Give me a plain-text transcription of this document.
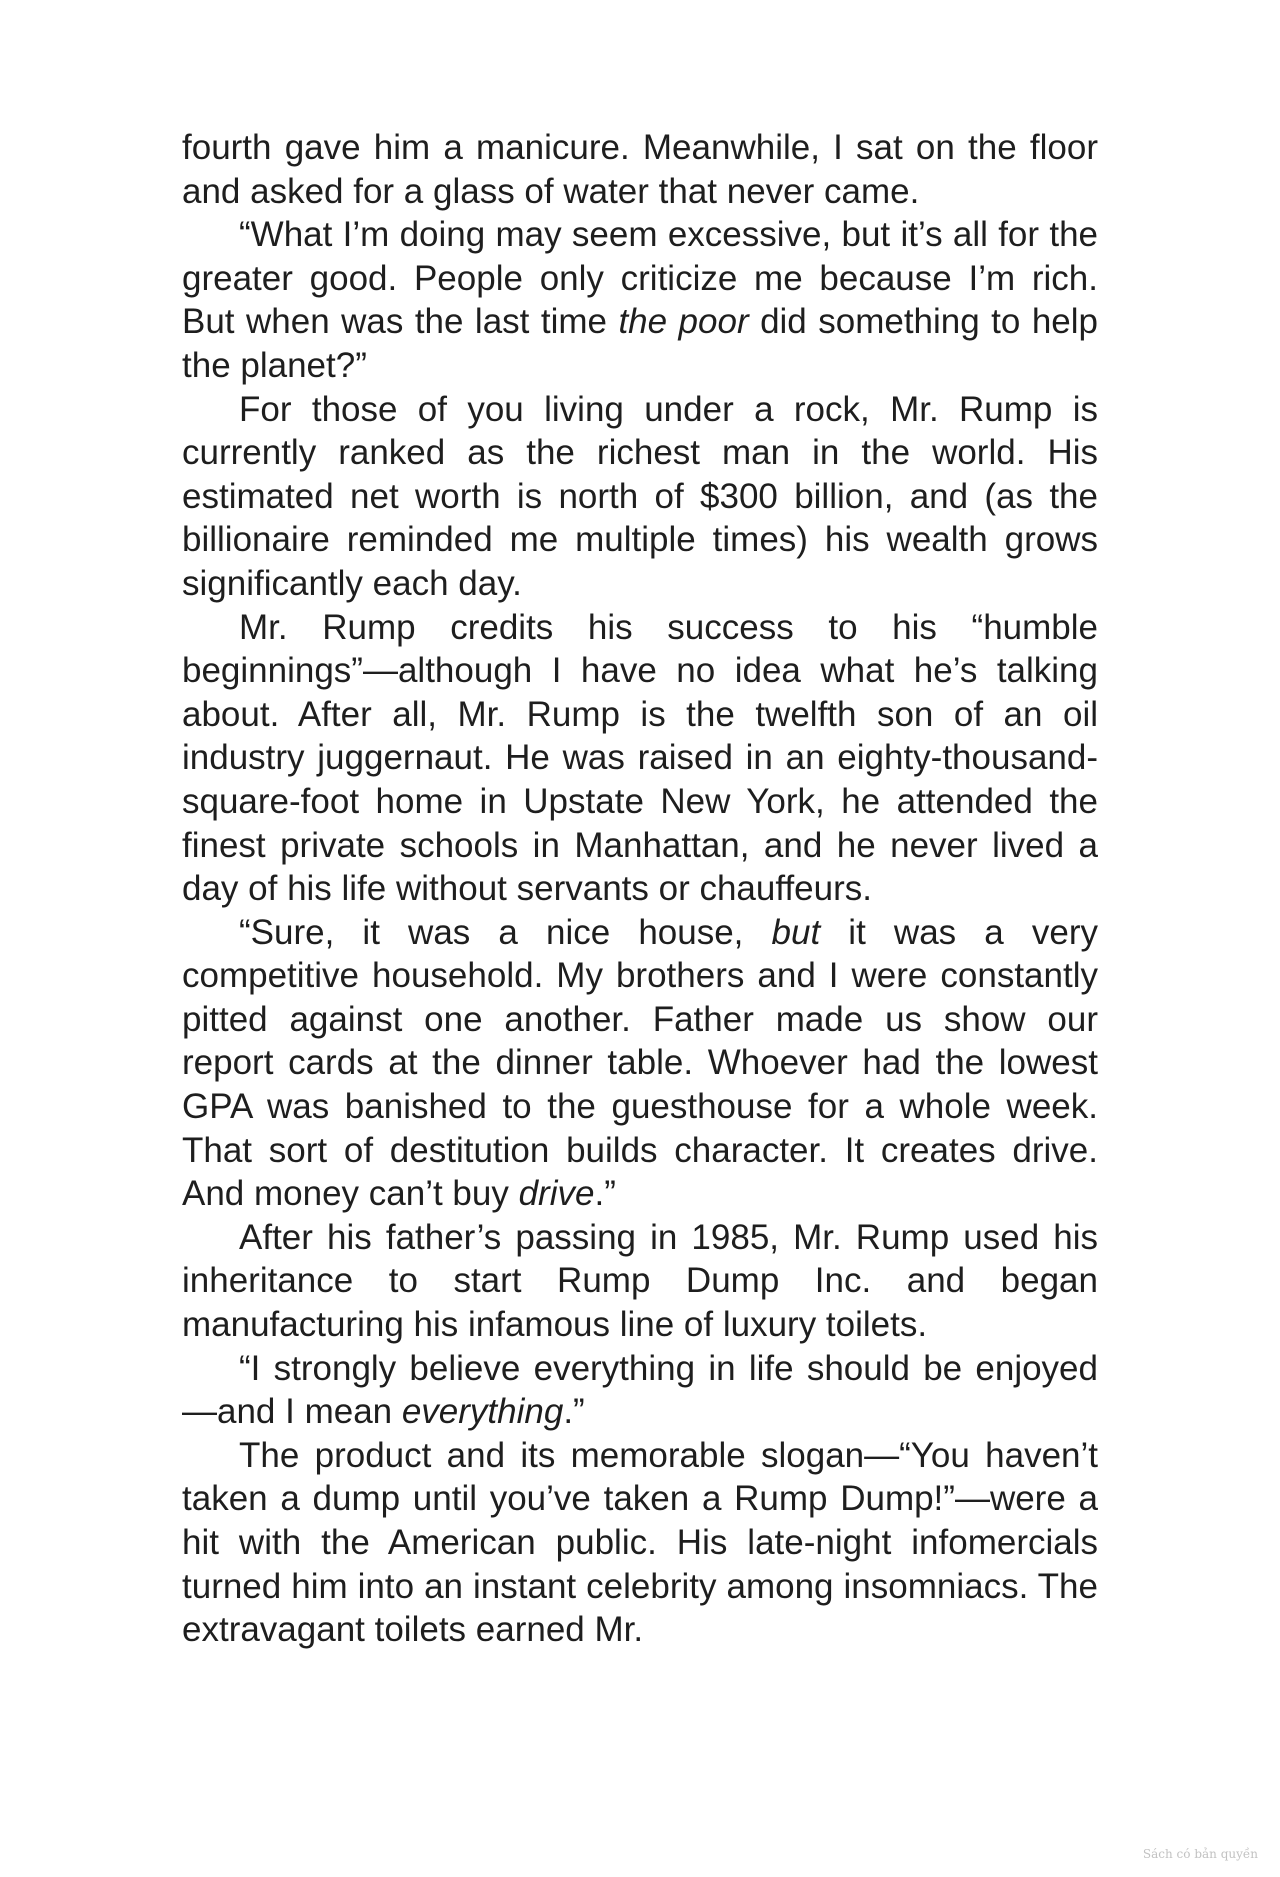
fourth gave him a manicure. Meanwhile, I sat on the floor and asked for a glass of water that never came.

“What I’m doing may seem excessive, but it’s all for the greater good. People only criticize me because I’m rich. But when was the last time the poor did something to help the planet?”

For those of you living under a rock, Mr. Rump is currently ranked as the richest man in the world. His estimated net worth is north of $300 billion, and (as the billionaire reminded me multiple times) his wealth grows significantly each day.

Mr. Rump credits his success to his “humble beginnings”—although I have no idea what he’s talking about. After all, Mr. Rump is the twelfth son of an oil industry juggernaut. He was raised in an eighty-thousand-square-foot home in Upstate New York, he attended the finest private schools in Manhattan, and he never lived a day of his life without servants or chauffeurs.

“Sure, it was a nice house, but it was a very competitive household. My brothers and I were constantly pitted against one another. Father made us show our report cards at the dinner table. Whoever had the lowest GPA was banished to the guesthouse for a whole week. That sort of destitution builds character. It creates drive. And money can’t buy drive.”

After his father’s passing in 1985, Mr. Rump used his inheritance to start Rump Dump Inc. and began manufacturing his infamous line of luxury toilets.

“I strongly believe everything in life should be enjoyed—and I mean everything.”

The product and its memorable slogan—“You haven’t taken a dump until you’ve taken a Rump Dump!”—were a hit with the American public. His late-night infomercials turned him into an instant celebrity among insomniacs. The extravagant toilets earned Mr.

Sách có bản quyền
